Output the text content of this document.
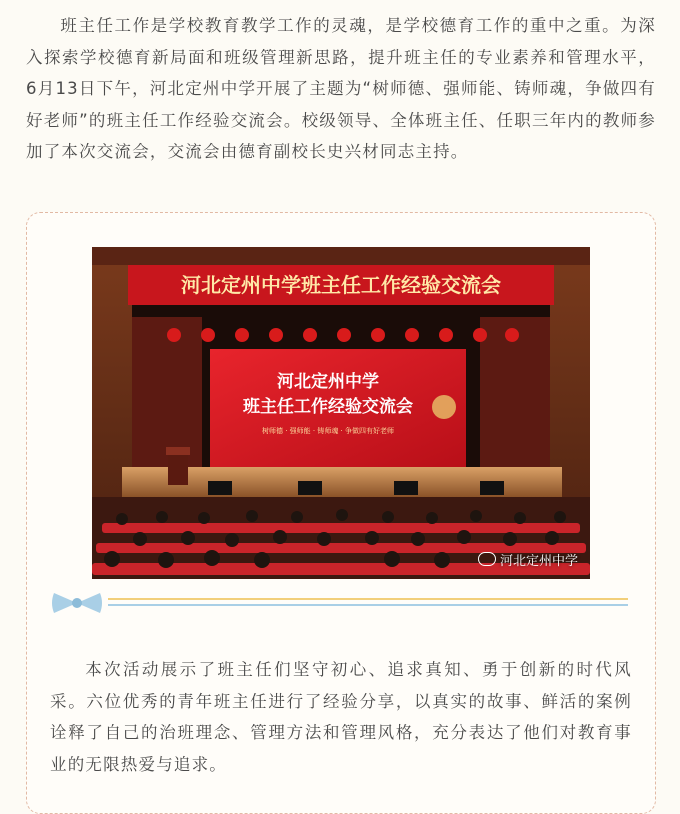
班主任工作是学校教育教学工作的灵魂，是学校德育工作的重中之重。为深入探索学校德育新局面和班级管理新思路，提升班主任的专业素养和管理水平，6月13日下午，河北定州中学开展了主题为“树师德、强师能、铸师魂，争做四有好老师”的班主任工作经验交流会。校级领导、全体班主任、任职三年内的教师参加了本次交流会，交流会由德育副校长史兴材同志主持。

河北定州中学班主任工作经验交流会
河北定州中学
班主任工作经验交流会
树师德 · 强师能 · 铸师魂 · 争做四有好老师
河北定州中学

本次活动展示了班主任们坚守初心、追求真知、勇于创新的时代风采。六位优秀的青年班主任进行了经验分享，以真实的故事、鲜活的案例诠释了自己的治班理念、管理方法和管理风格，充分表达了他们对教育事业的无限热爱与追求。
